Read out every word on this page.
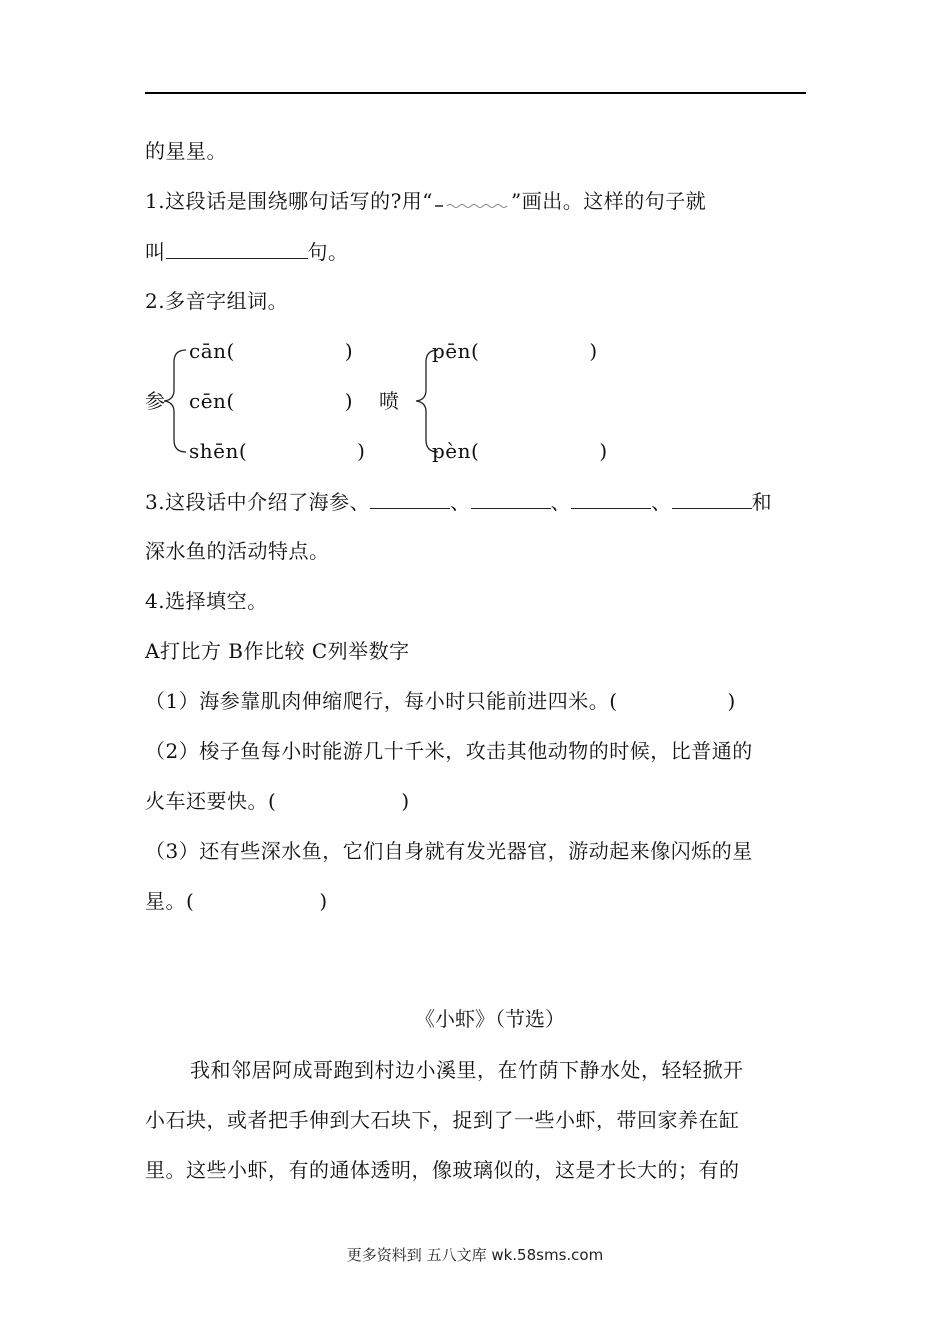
的星星。
1.这段话是围绕哪句话写的?用“	”画出。这样的句子就
叫	句。
2.多音字组词。
参
cān(	)
cēn(	)
shēn(	)
喷
pēn(	)
pèn(	)
3.这段话中介绍了海参、	、	、	、	和
深水鱼的活动特点。
4.选择填空。
A打比方 B作比较 C列举数字
（1）海参靠肌肉伸缩爬行，每小时只能前进四米。(	)
（2）梭子鱼每小时能游几十千米，攻击其他动物的时候，比普通的
火车还要快。(	)
（3）还有些深水鱼，它们自身就有发光器官，游动起来像闪烁的星
星。(	)
《小虾》（节选）
我和邻居阿成哥跑到村边小溪里，在竹荫下静水处，轻轻掀开
小石块，或者把手伸到大石块下，捉到了一些小虾，带回家养在缸
里。这些小虾，有的通体透明，像玻璃似的，这是才长大的；有的
更多资料到 五八文库 wk.58sms.com
